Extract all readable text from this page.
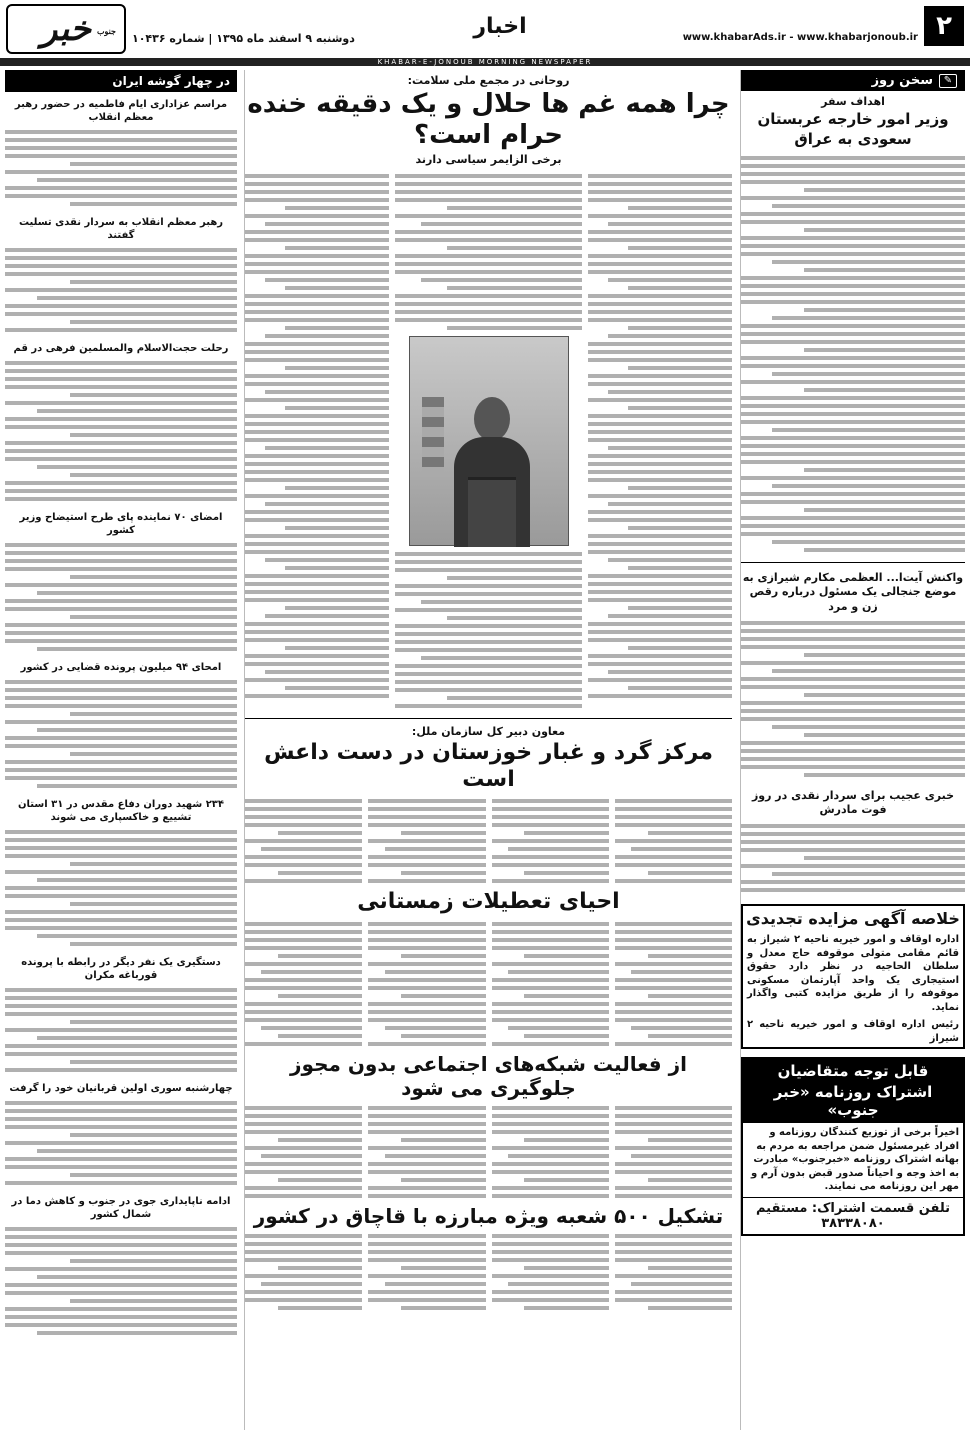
۲
www.khabarAds.ir - www.khabarjonoub.ir
اخبار
دوشنبه ۹ اسفند ماه ۱۳۹۵ | شماره ۱۰۴۳۶
جنوب
خبر
KHABAR-E-JONOUB MORNING NEWSPAPER
✎
سخن روز
اهداف سفر
وزیر امور خارجه عربستان سعودی به عراق
واکنش آیت‌ا... العظمی مکارم شیرازی به موضع جنجالی یک مسئول درباره رقص زن و مرد
خبری عجیب برای سردار نقدی در روز فوت مادرش
خلاصه آگهی مزایده تجدیدی
اداره اوقاف و امور خیریه ناحیه ۲ شیراز به قائم مقامی متولی موقوفه حاج معدل و سلطان الحاجیه در نظر دارد حقوق استیجاری یک واحد آپارتمان مسکونی موقوفه را از طریق مزایده کتبی واگذار نماید.
رئیس اداره اوقاف و امور خیریه ناحیه ۲ شیراز
قابل توجه متقاضیان
اشتراک روزنامه «خبر جنوب»
اخیراً برخی از توزیع کنندگان روزنامه و افراد غیرمسئول ضمن مراجعه به مردم به بهانه اشتراک روزنامه «خبرجنوب» مبادرت به اخذ وجه و احیاناً صدور قبض بدون آرم و مهر این روزنامه می نمایند.
تلفن قسمت اشتراک: مستقیم ۳۸۳۳۸۰۸۰
روحانی در مجمع ملی سلامت:
چرا همه غم ها حلال و یک دقیقه خنده حرام است؟
برخی الزایمر سیاسی دارند
معاون دبیر کل سازمان ملل:
مرکز گرد و غبار خوزستان در دست داعش است
احیای تعطیلات زمستانی
از فعالیت شبکه‌های اجتماعی بدون مجوز جلوگیری می شود
تشکیل ۵۰۰ شعبه ویژه مبارزه با قاچاق در کشور
در چهار گوشه ایران
مراسم عزاداری ایام فاطمیه در حضور رهبر معظم انقلاب
رهبر معظم انقلاب به سردار نقدی تسلیت گفتند
رحلت حجت‌الاسلام والمسلمین فرهی در قم
امضای ۷۰ نماینده پای طرح استیضاح وزیر کشور
امحای ۹۴ میلیون پرونده قضایی در کشور
۲۳۴ شهید دوران دفاع مقدس در ۳۱ استان تشییع و خاکسپاری می شوند
دستگیری یک نفر دیگر در رابطه با پرونده قورباغه مکران
چهارشنبه سوری اولین قربانیان خود را گرفت
ادامه ناپایداری جوی در جنوب و کاهش دما در شمال کشور
